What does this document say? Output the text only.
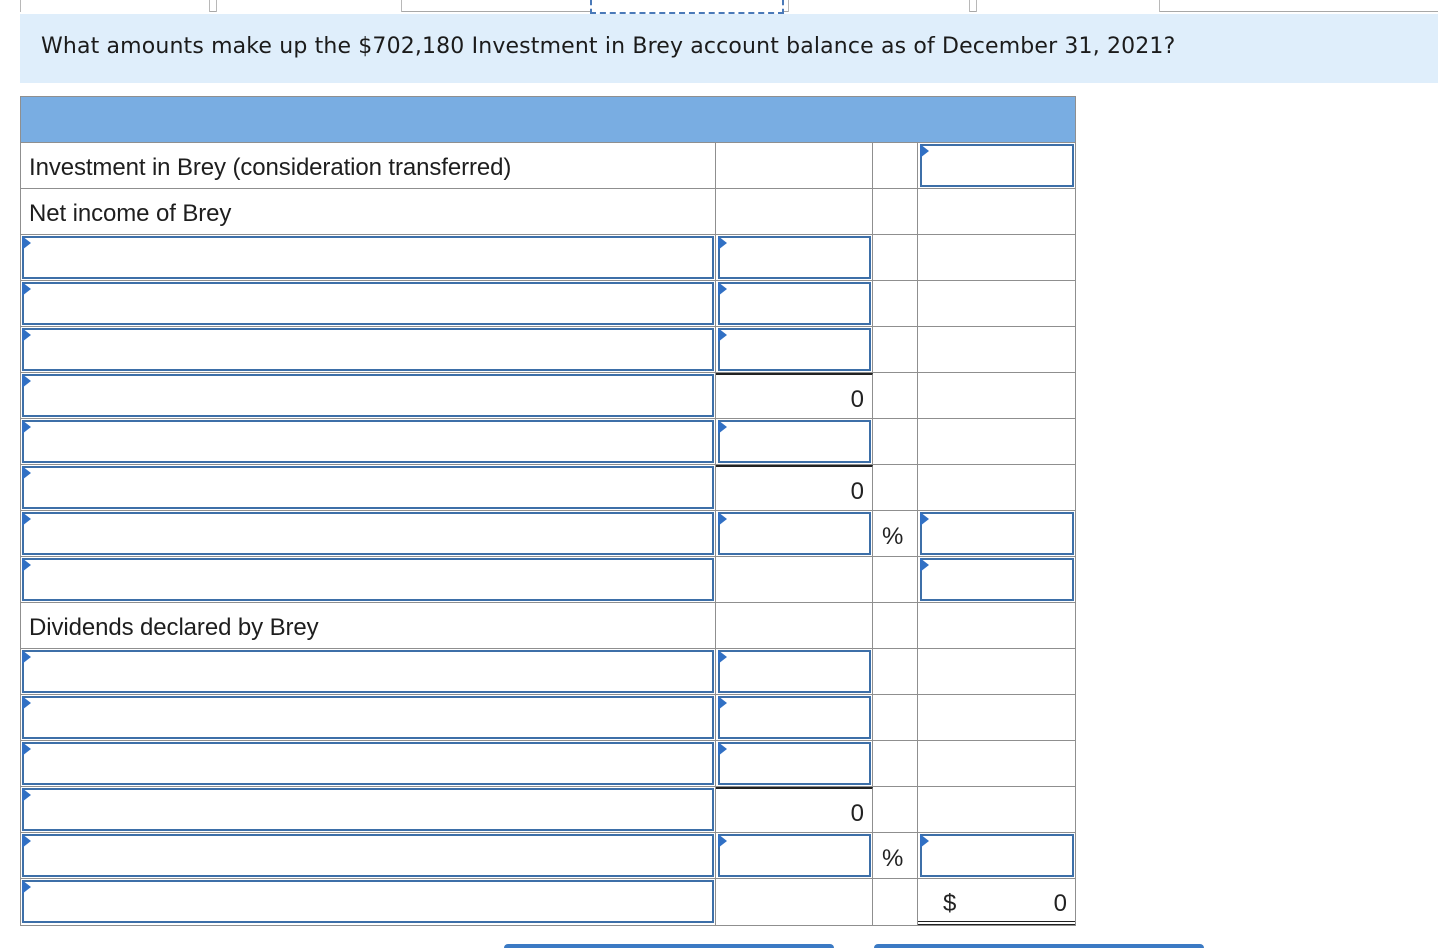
What amounts make up the $702,180 Investment in Brey account balance as of December 31, 2021?
Investment in Brey (consideration transferred)
Net income of Brey
0
0
%
Dividends declared by Brey
0
%
$	0
